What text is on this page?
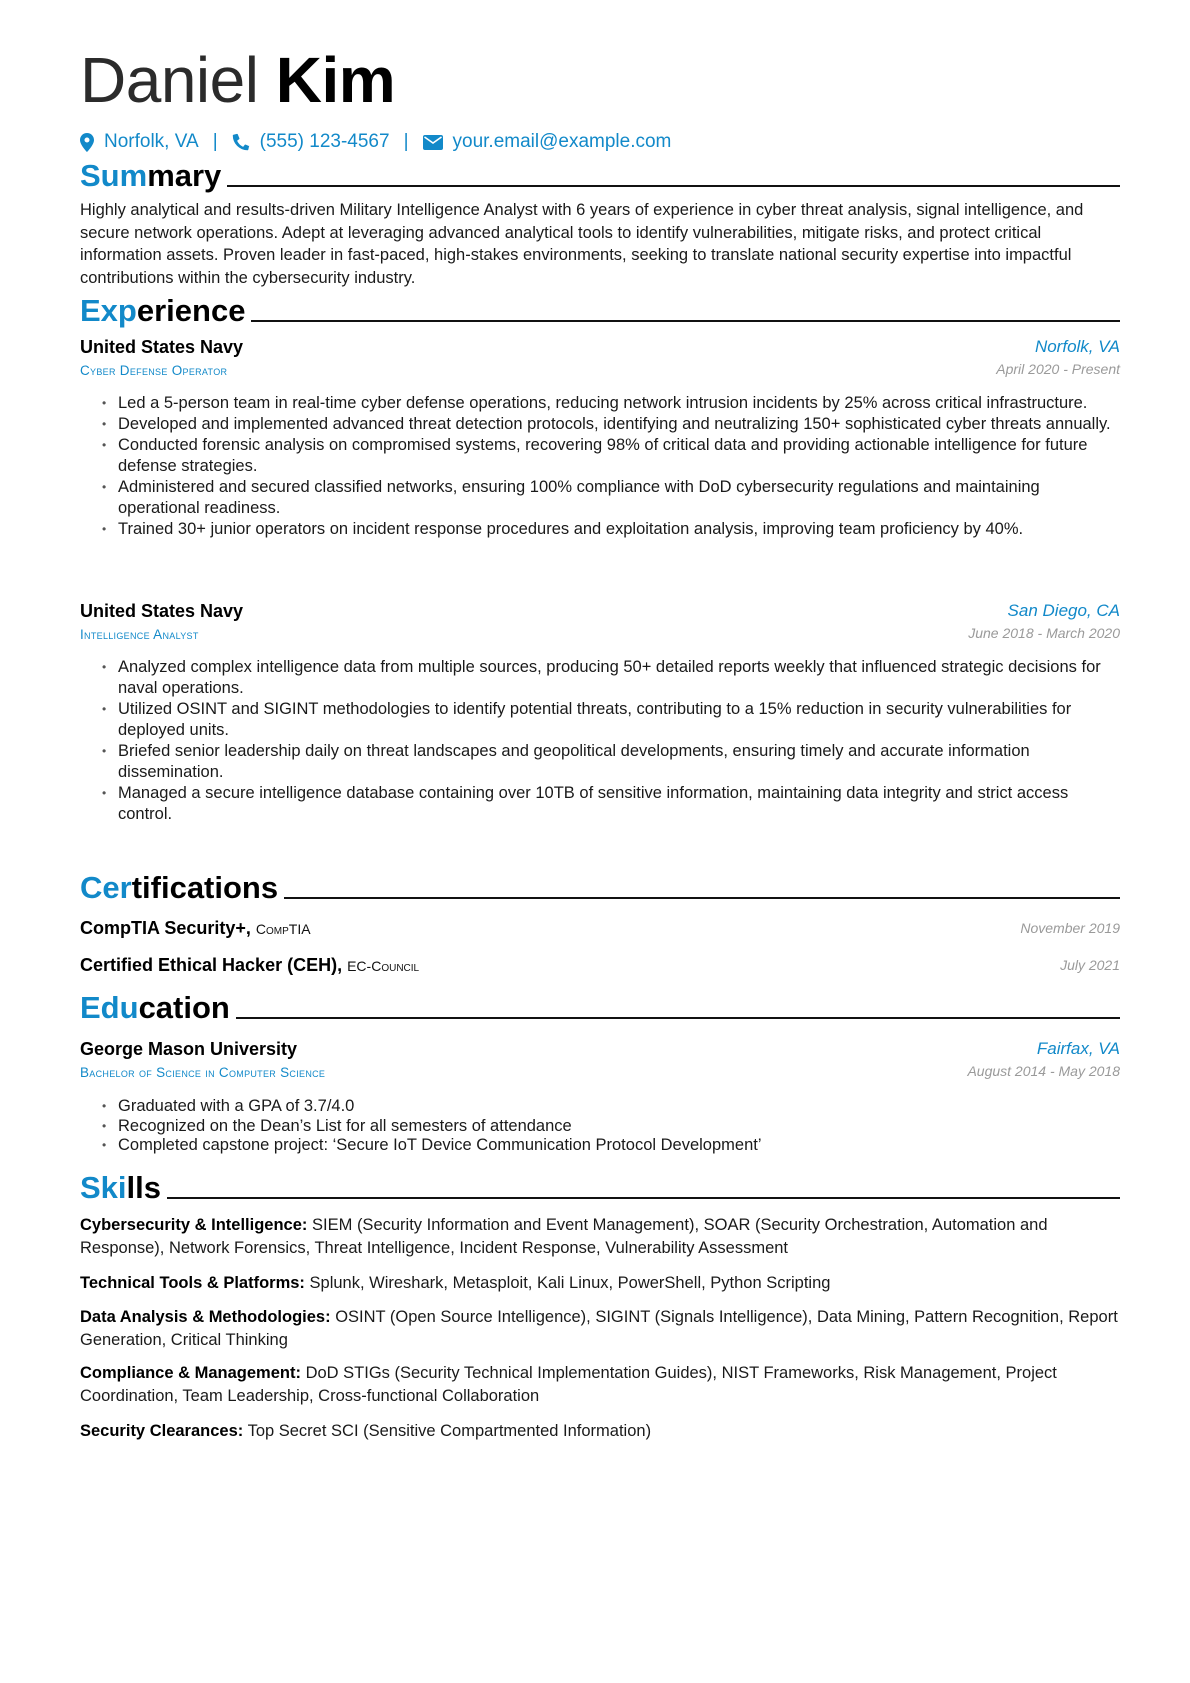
Daniel Kim
Norfolk, VA | (555) 123-4567 | your.email@example.com
Summary
Highly analytical and results-driven Military Intelligence Analyst with 6 years of experience in cyber threat analysis, signal intelligence, and secure network operations. Adept at leveraging advanced analytical tools to identify vulnerabilities, mitigate risks, and protect critical information assets. Proven leader in fast-paced, high-stakes environments, seeking to translate national security expertise into impactful contributions within the cybersecurity industry.
Experience
United States Navy	Norfolk, VA
Cyber Defense Operator	April 2020 - Present
• Led a 5-person team in real-time cyber defense operations, reducing network intrusion incidents by 25% across critical infrastructure.
• Developed and implemented advanced threat detection protocols, identifying and neutralizing 150+ sophisticated cyber threats annually.
• Conducted forensic analysis on compromised systems, recovering 98% of critical data and providing actionable intelligence for future defense strategies.
• Administered and secured classified networks, ensuring 100% compliance with DoD cybersecurity regulations and maintaining operational readiness.
• Trained 30+ junior operators on incident response procedures and exploitation analysis, improving team proficiency by 40%.
United States Navy	San Diego, CA
Intelligence Analyst	June 2018 - March 2020
• Analyzed complex intelligence data from multiple sources, producing 50+ detailed reports weekly that influenced strategic decisions for naval operations.
• Utilized OSINT and SIGINT methodologies to identify potential threats, contributing to a 15% reduction in security vulnerabilities for deployed units.
• Briefed senior leadership daily on threat landscapes and geopolitical developments, ensuring timely and accurate information dissemination.
• Managed a secure intelligence database containing over 10TB of sensitive information, maintaining data integrity and strict access control.
Certifications
CompTIA Security+, CompTIA	November 2019
Certified Ethical Hacker (CEH), EC-Council	July 2021
Education
George Mason University	Fairfax, VA
Bachelor of Science in Computer Science	August 2014 - May 2018
• Graduated with a GPA of 3.7/4.0
• Recognized on the Dean’s List for all semesters of attendance
• Completed capstone project: ‘Secure IoT Device Communication Protocol Development’
Skills
Cybersecurity & Intelligence: SIEM (Security Information and Event Management), SOAR (Security Orchestration, Automation and Response), Network Forensics, Threat Intelligence, Incident Response, Vulnerability Assessment
Technical Tools & Platforms: Splunk, Wireshark, Metasploit, Kali Linux, PowerShell, Python Scripting
Data Analysis & Methodologies: OSINT (Open Source Intelligence), SIGINT (Signals Intelligence), Data Mining, Pattern Recognition, Report Generation, Critical Thinking
Compliance & Management: DoD STIGs (Security Technical Implementation Guides), NIST Frameworks, Risk Management, Project Coordination, Team Leadership, Cross-functional Collaboration
Security Clearances: Top Secret SCI (Sensitive Compartmented Information)
